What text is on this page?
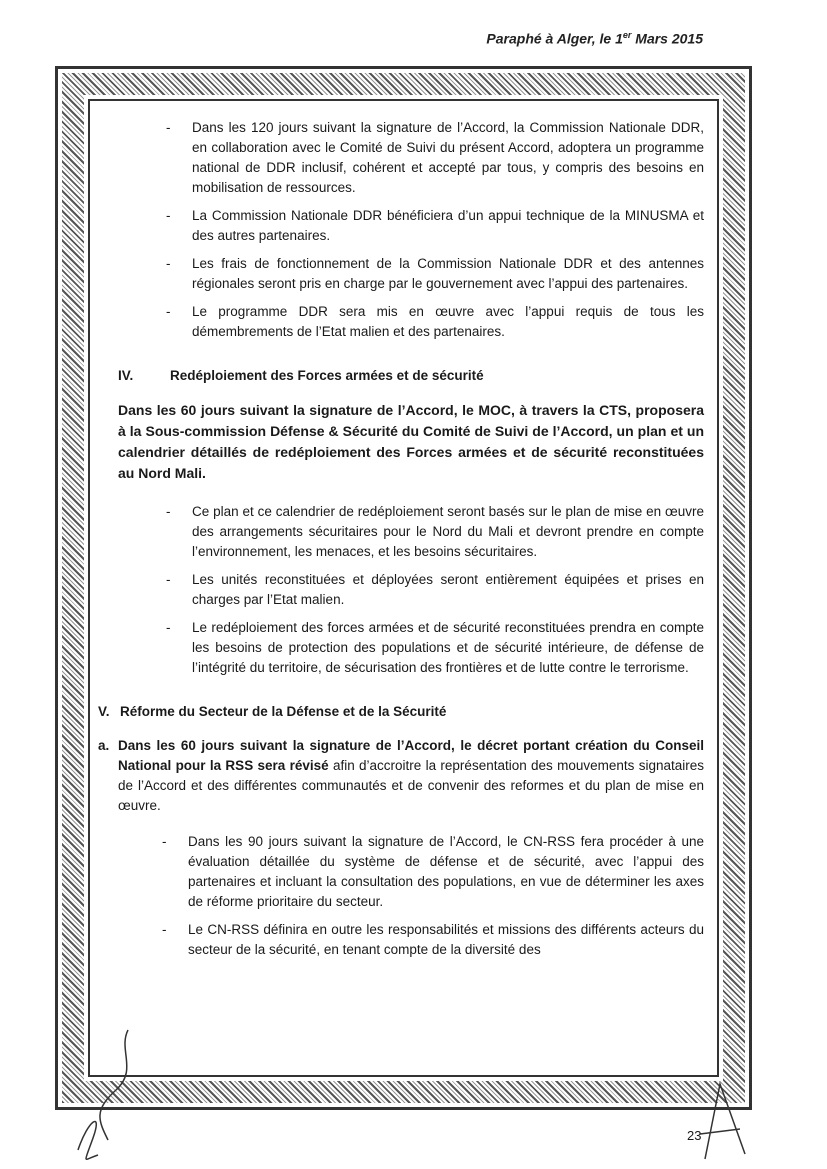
Paraphé à Alger, le 1er Mars 2015
- Dans les 120 jours suivant la signature de l’Accord, la Commission Nationale DDR, en collaboration avec le Comité de Suivi du présent Accord, adoptera un programme national de DDR inclusif, cohérent et accepté par tous, y compris des besoins en mobilisation de ressources.
- La Commission Nationale DDR bénéficiera d’un appui technique de la MINUSMA et des autres partenaires.
- Les frais de fonctionnement de la Commission Nationale DDR et des antennes régionales seront pris en charge par le gouvernement avec l’appui des partenaires.
- Le programme DDR sera mis en œuvre avec l’appui requis de tous les démembrements de l’Etat malien et des partenaires.
IV.	Redéploiement des Forces armées et de sécurité
Dans les 60 jours suivant la signature de l’Accord, le MOC, à travers la CTS, proposera à la Sous-commission Défense & Sécurité du Comité de Suivi de l’Accord, un plan et un calendrier détaillés de redéploiement des Forces armées et de sécurité reconstituées au Nord Mali.
- Ce plan et ce calendrier de redéploiement seront basés sur le plan de mise en œuvre des arrangements sécuritaires pour le Nord du Mali et devront prendre en compte l’environnement, les menaces, et les besoins sécuritaires.
- Les unités reconstituées et déployées seront entièrement équipées et prises en charges par l’Etat malien.
- Le redéploiement des forces armées et de sécurité reconstituées prendra en compte les besoins de protection des populations et de sécurité intérieure, de défense de l’intégrité du territoire, de sécurisation des frontières et de lutte contre le terrorisme.
V. Réforme du Secteur de la Défense et de la Sécurité
a. Dans les 60 jours suivant la signature de l’Accord, le décret portant création du Conseil National pour la RSS sera révisé afin d’accroitre la représentation des mouvements signataires de l’Accord et des différentes communautés et de convenir des reformes et du plan de mise en œuvre.
- Dans les 90 jours suivant la signature de l’Accord, le CN-RSS fera procéder à une évaluation détaillée du système de défense et de sécurité, avec l’appui des partenaires et incluant la consultation des populations, en vue de déterminer les axes de réforme prioritaire du secteur.
- Le CN-RSS définira en outre les responsabilités et missions des différents acteurs du secteur de la sécurité, en tenant compte de la diversité des
23
